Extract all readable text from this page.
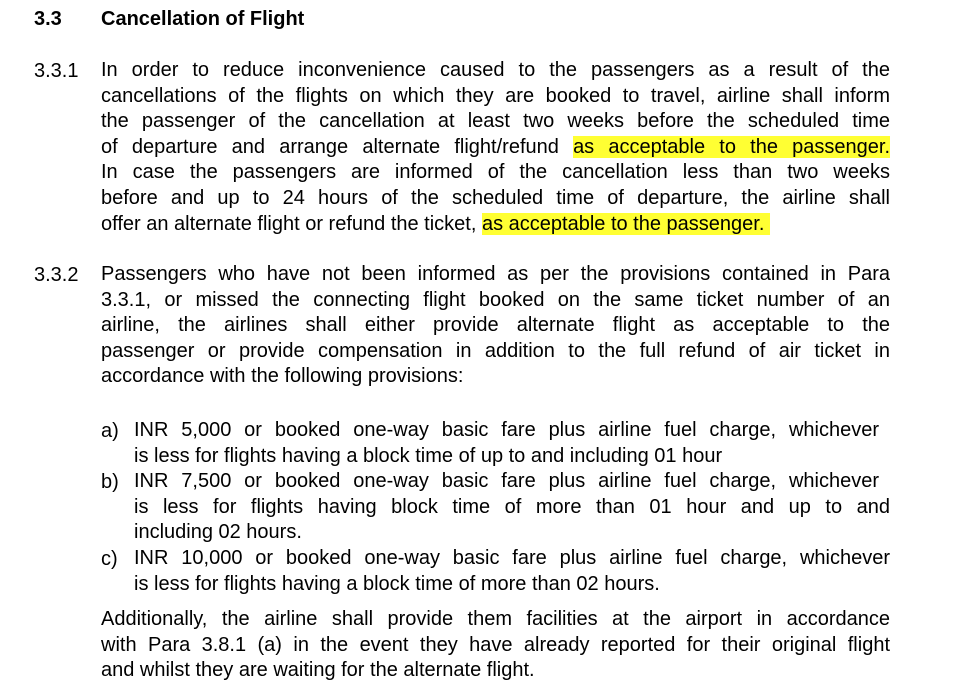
3.3 Cancellation of Flight
3.3.1 In order to reduce inconvenience caused to the passengers as a result of the
cancellations of the flights on which they are booked to travel, airline shall inform
the passenger of the cancellation at least two weeks before the scheduled time
of departure and arrange alternate flight/refund as acceptable to the passenger.
In case the passengers are informed of the cancellation less than two weeks
before and up to 24 hours of the scheduled time of departure, the airline shall
offer an alternate flight or refund the ticket, as acceptable to the passenger.
3.3.2 Passengers who have not been informed as per the provisions contained in Para
3.3.1, or missed the connecting flight booked on the same ticket number of an
airline, the airlines shall either provide alternate flight as acceptable to the
passenger or provide compensation in addition to the full refund of air ticket in
accordance with the following provisions:
a) INR 5,000 or booked one-way basic fare plus airline fuel charge, whichever
is less for flights having a block time of up to and including 01 hour
b) INR 7,500 or booked one-way basic fare plus airline fuel charge, whichever
is less for flights having block time of more than 01 hour and up to and
including 02 hours.
c) INR 10,000 or booked one-way basic fare plus airline fuel charge, whichever
is less for flights having a block time of more than 02 hours.
Additionally, the airline shall provide them facilities at the airport in accordance
with Para 3.8.1 (a) in the event they have already reported for their original flight
and whilst they are waiting for the alternate flight.
